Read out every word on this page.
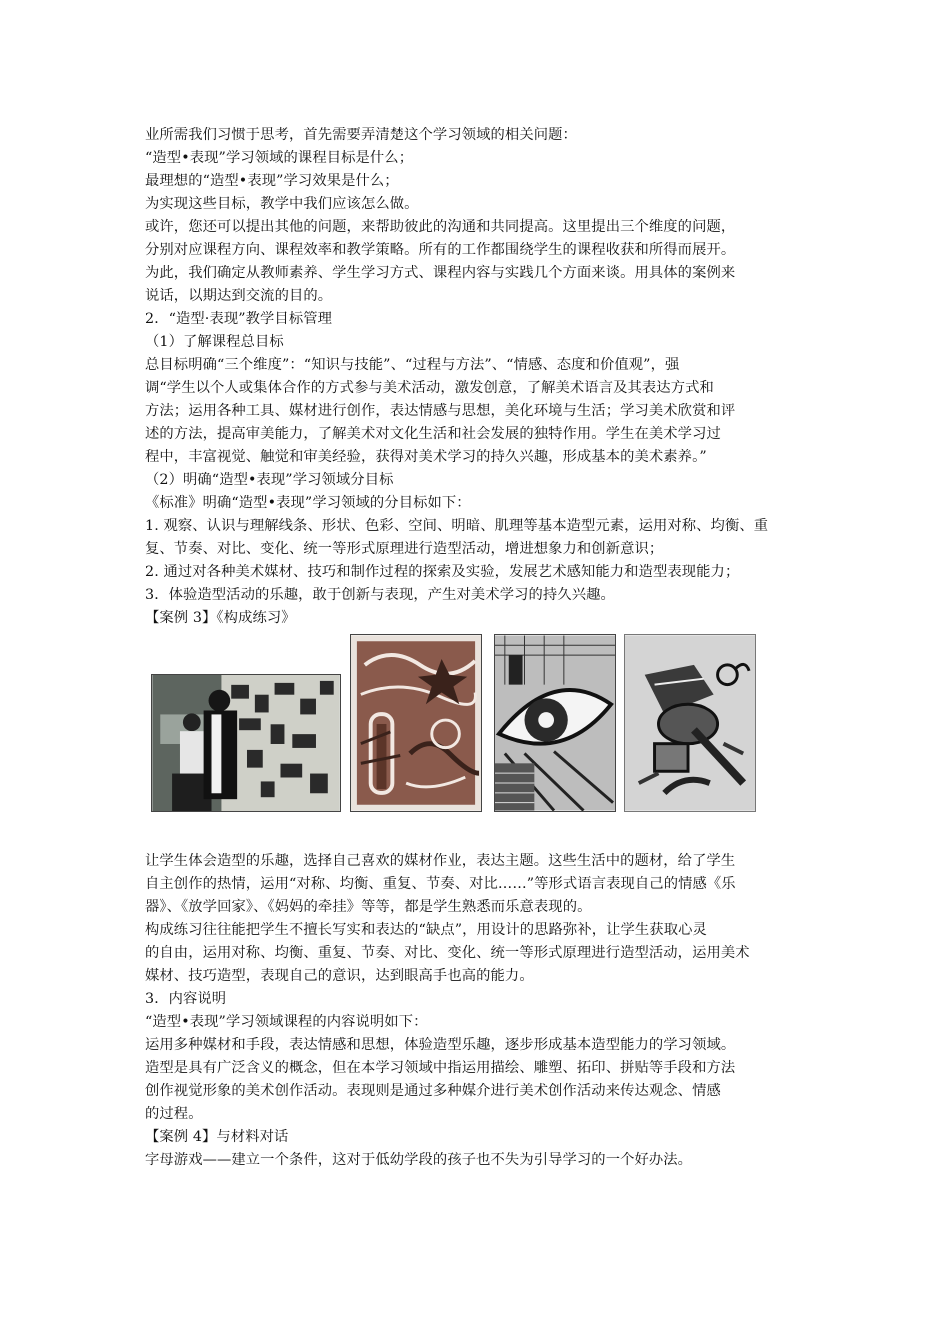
业所需我们习惯于思考，首先需要弄清楚这个学习领域的相关问题：
“造型•表现”学习领域的课程目标是什么；
最理想的“造型•表现”学习效果是什么；
为实现这些目标，教学中我们应该怎么做。
或许，您还可以提出其他的问题，来帮助彼此的沟通和共同提高。这里提出三个维度的问题，
分别对应课程方向、课程效率和教学策略。所有的工作都围绕学生的课程收获和所得而展开。
为此，我们确定从教师素养、学生学习方式、课程内容与实践几个方面来谈。用具体的案例来
说话，以期达到交流的目的。
2．“造型·表现”教学目标管理
（1）了解课程总目标
总目标明确“三个维度”：“知识与技能”、“过程与方法”、“情感、态度和价值观”，强
调“学生以个人或集体合作的方式参与美术活动，激发创意，了解美术语言及其表达方式和
方法；运用各种工具、媒材进行创作，表达情感与思想，美化环境与生活；学习美术欣赏和评
述的方法，提高审美能力，了解美术对文化生活和社会发展的独特作用。学生在美术学习过
程中，丰富视觉、触觉和审美经验，获得对美术学习的持久兴趣，形成基本的美术素养。”
（2）明确“造型•表现”学习领域分目标
《标准》明确“造型•表现”学习领域的分目标如下：
1. 观察、认识与理解线条、形状、色彩、空间、明暗、肌理等基本造型元素，运用对称、均衡、重
复、节奏、对比、变化、统一等形式原理进行造型活动，增进想象力和创新意识；
2. 通过对各种美术媒材、技巧和制作过程的探索及实验，发展艺术感知能力和造型表现能力；
3．体验造型活动的乐趣，敢于创新与表现，产生对美术学习的持久兴趣。
【案例 3】《构成练习》
让学生体会造型的乐趣，选择自己喜欢的媒材作业，表达主题。这些生活中的题材，给了学生
自主创作的热情，运用“对称、均衡、重复、节奏、对比……”等形式语言表现自己的情感《乐
器》、《放学回家》、《妈妈的牵挂》等等，都是学生熟悉而乐意表现的。
构成练习往往能把学生不擅长写实和表达的“缺点”，用设计的思路弥补，让学生获取心灵
的自由，运用对称、均衡、重复、节奏、对比、变化、统一等形式原理进行造型活动，运用美术
媒材、技巧造型，表现自己的意识，达到眼高手也高的能力。
3．内容说明
“造型•表现”学习领域课程的内容说明如下：
运用多种媒材和手段，表达情感和思想，体验造型乐趣，逐步形成基本造型能力的学习领域。
造型是具有广泛含义的概念，但在本学习领域中指运用描绘、雕塑、拓印、拼贴等手段和方法
创作视觉形象的美术创作活动。表现则是通过多种媒介进行美术创作活动来传达观念、情感
的过程。
【案例 4】与材料对话
字母游戏——建立一个条件，这对于低幼学段的孩子也不失为引导学习的一个好办法。
